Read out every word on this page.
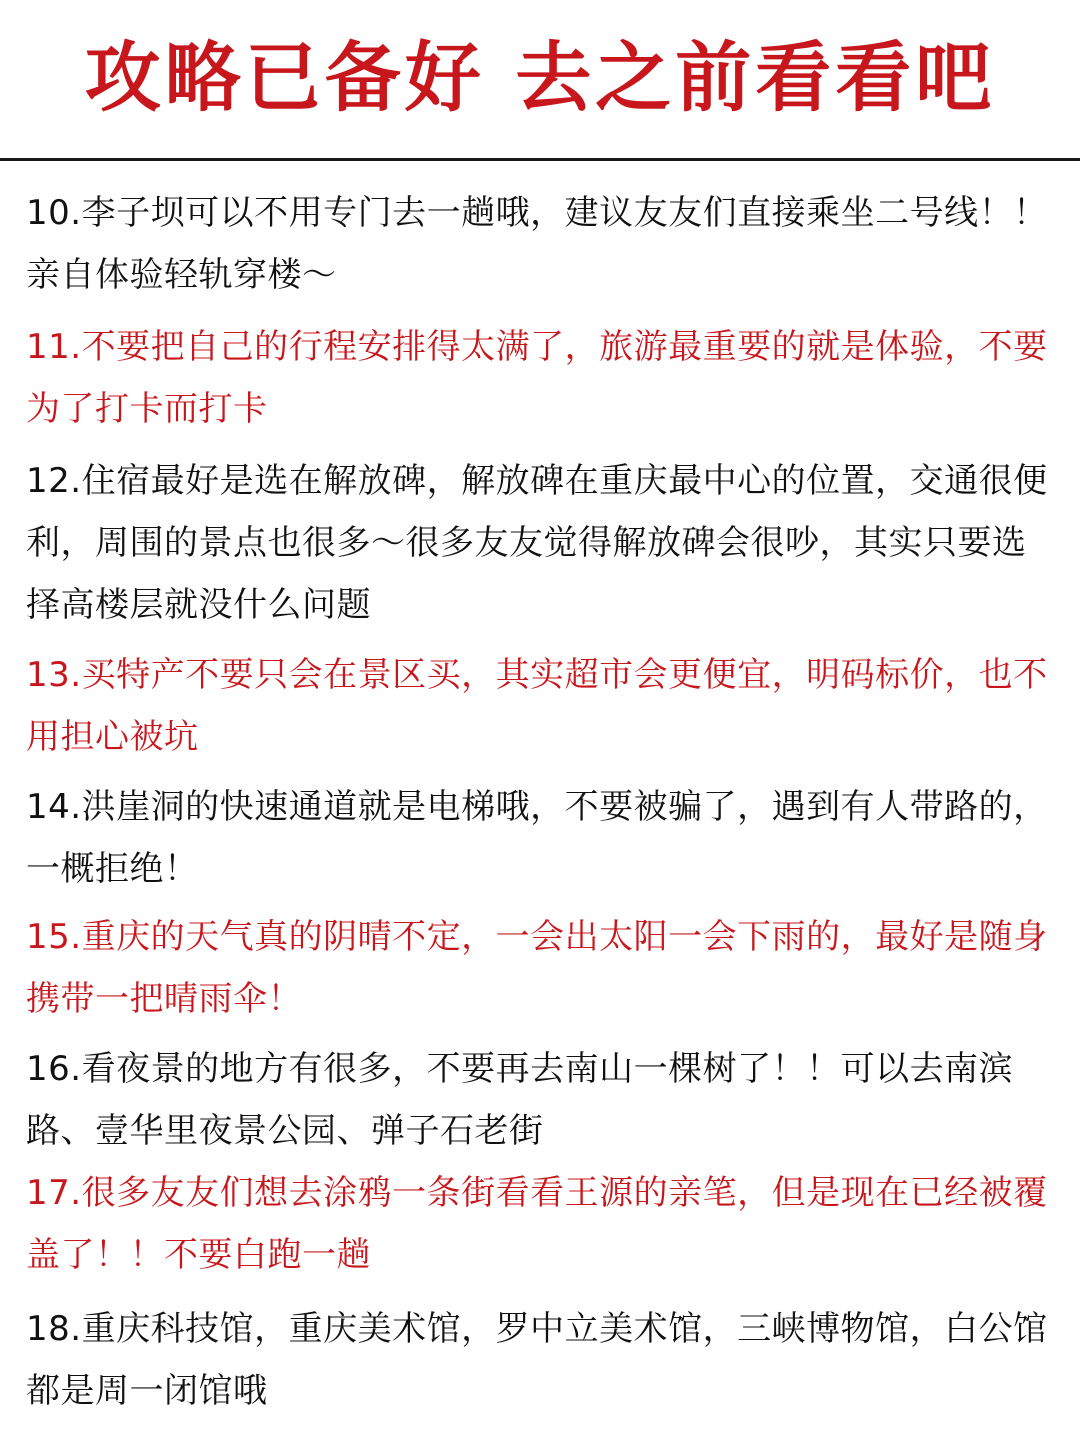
攻略已备好 去之前看看吧

10.李子坝可以不用专门去一趟哦，建议友友们直接乘坐二号线！！亲自体验轻轨穿楼～

11.不要把自己的行程安排得太满了，旅游最重要的就是体验，不要为了打卡而打卡

12.住宿最好是选在解放碑，解放碑在重庆最中心的位置，交通很便利，周围的景点也很多～很多友友觉得解放碑会很吵，其实只要选择高楼层就没什么问题

13.买特产不要只会在景区买，其实超市会更便宜，明码标价，也不用担心被坑

14.洪崖洞的快速通道就是电梯哦，不要被骗了，遇到有人带路的，一概拒绝！

15.重庆的天气真的阴晴不定，一会出太阳一会下雨的，最好是随身携带一把晴雨伞！

16.看夜景的地方有很多，不要再去南山一棵树了！！可以去南滨路、壹华里夜景公园、弹子石老街

17.很多友友们想去涂鸦一条街看看王源的亲笔，但是现在已经被覆盖了！！不要白跑一趟

18.重庆科技馆，重庆美术馆，罗中立美术馆，三峡博物馆，白公馆都是周一闭馆哦
